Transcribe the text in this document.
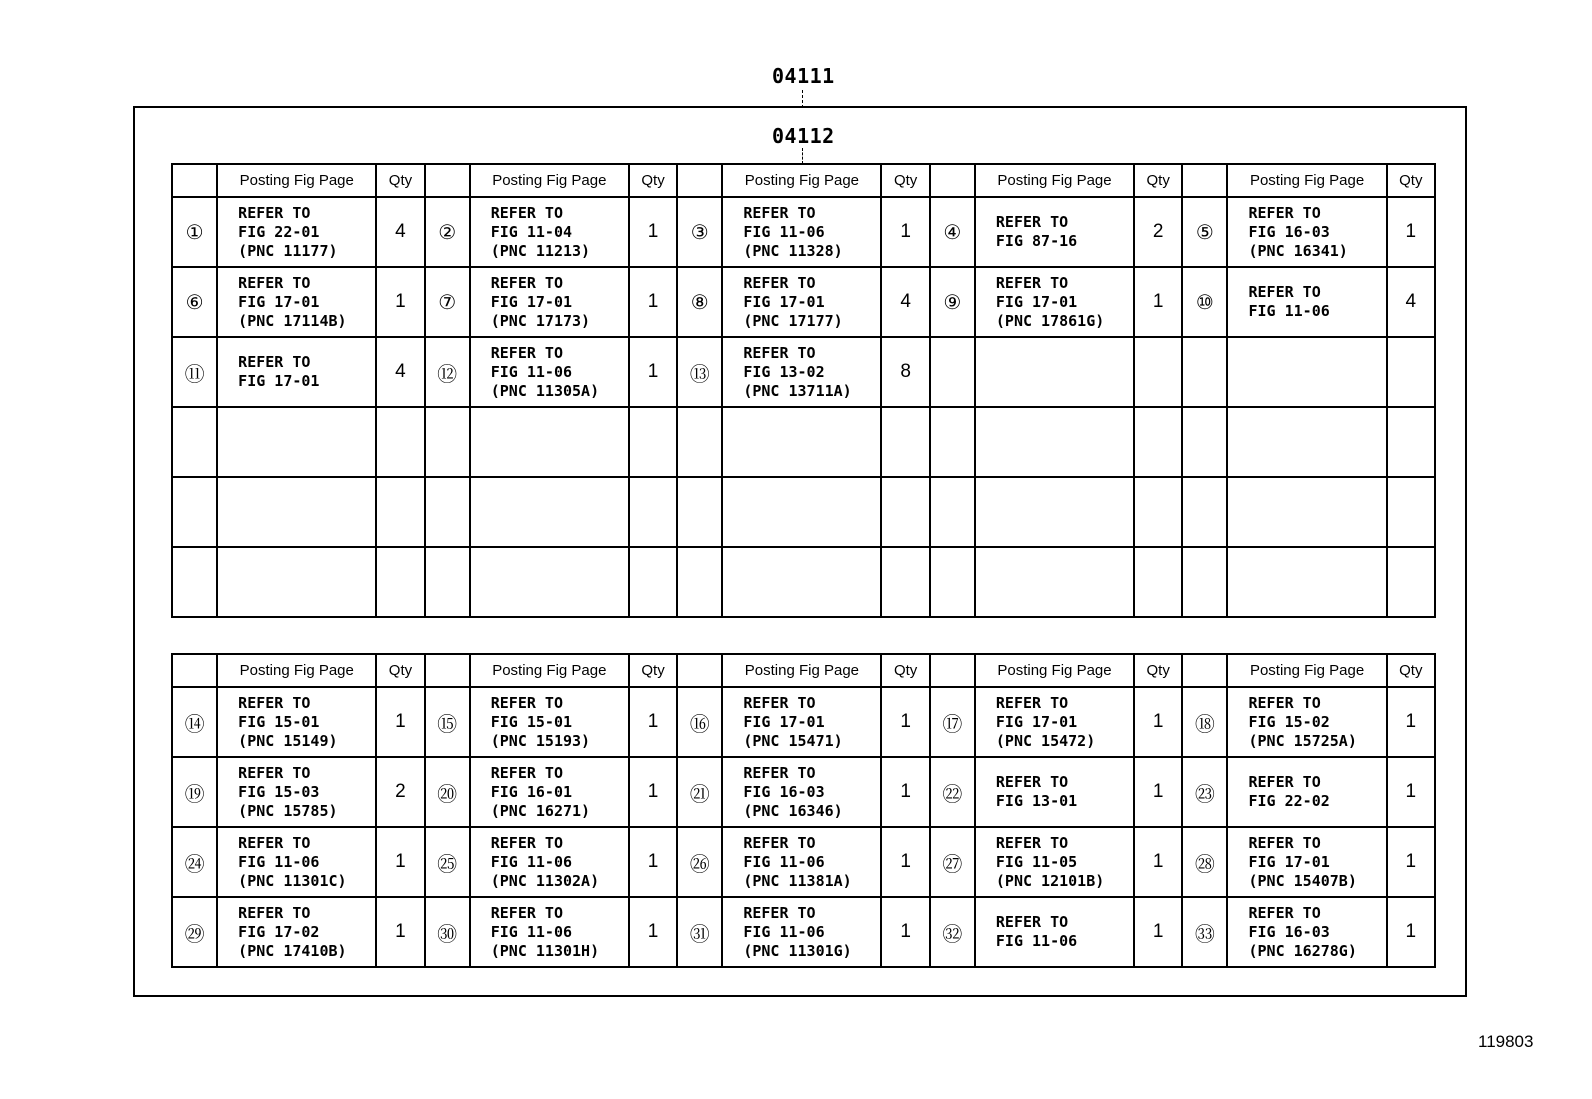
04111
04112
	Posting Fig Page	Qty		Posting Fig Page	Qty		Posting Fig Page	Qty		Posting Fig Page	Qty		Posting Fig Page	Qty
①	REFER TO
FIG 22-01
(PNC 11177)	4	②	REFER TO
FIG 11-04
(PNC 11213)	1	③	REFER TO
FIG 11-06
(PNC 11328)	1	④	REFER TO
FIG 87-16	2	⑤	REFER TO
FIG 16-03
(PNC 16341)	1
⑥	REFER TO
FIG 17-01
(PNC 17114B)	1	⑦	REFER TO
FIG 17-01
(PNC 17173)	1	⑧	REFER TO
FIG 17-01
(PNC 17177)	4	⑨	REFER TO
FIG 17-01
(PNC 17861G)	1	⑩	REFER TO
FIG 11-06	4
⑪	REFER TO
FIG 17-01	4	⑫	REFER TO
FIG 11-06
(PNC 11305A)	1	⑬	REFER TO
FIG 13-02
(PNC 13711A)	8		

	Posting Fig Page	Qty		Posting Fig Page	Qty		Posting Fig Page	Qty		Posting Fig Page	Qty		Posting Fig Page	Qty
⑭	REFER TO
FIG 15-01
(PNC 15149)	1	⑮	REFER TO
FIG 15-01
(PNC 15193)	1	⑯	REFER TO
FIG 17-01
(PNC 15471)	1	⑰	REFER TO
FIG 17-01
(PNC 15472)	1	⑱	REFER TO
FIG 15-02
(PNC 15725A)	1
⑲	REFER TO
FIG 15-03
(PNC 15785)	2	⑳	REFER TO
FIG 16-01
(PNC 16271)	1	㉑	REFER TO
FIG 16-03
(PNC 16346)	1	㉒	REFER TO
FIG 13-01	1	㉓	REFER TO
FIG 22-02	1
㉔	REFER TO
FIG 11-06
(PNC 11301C)	1	㉕	REFER TO
FIG 11-06
(PNC 11302A)	1	㉖	REFER TO
FIG 11-06
(PNC 11381A)	1	㉗	REFER TO
FIG 11-05
(PNC 12101B)	1	㉘	REFER TO
FIG 17-01
(PNC 15407B)	1
㉙	REFER TO
FIG 17-02
(PNC 17410B)	1	㉚	REFER TO
FIG 11-06
(PNC 11301H)	1	㉛	REFER TO
FIG 11-06
(PNC 11301G)	1	㉜	REFER TO
FIG 11-06	1	㉝	REFER TO
FIG 16-03
(PNC 16278G)	1
119803
